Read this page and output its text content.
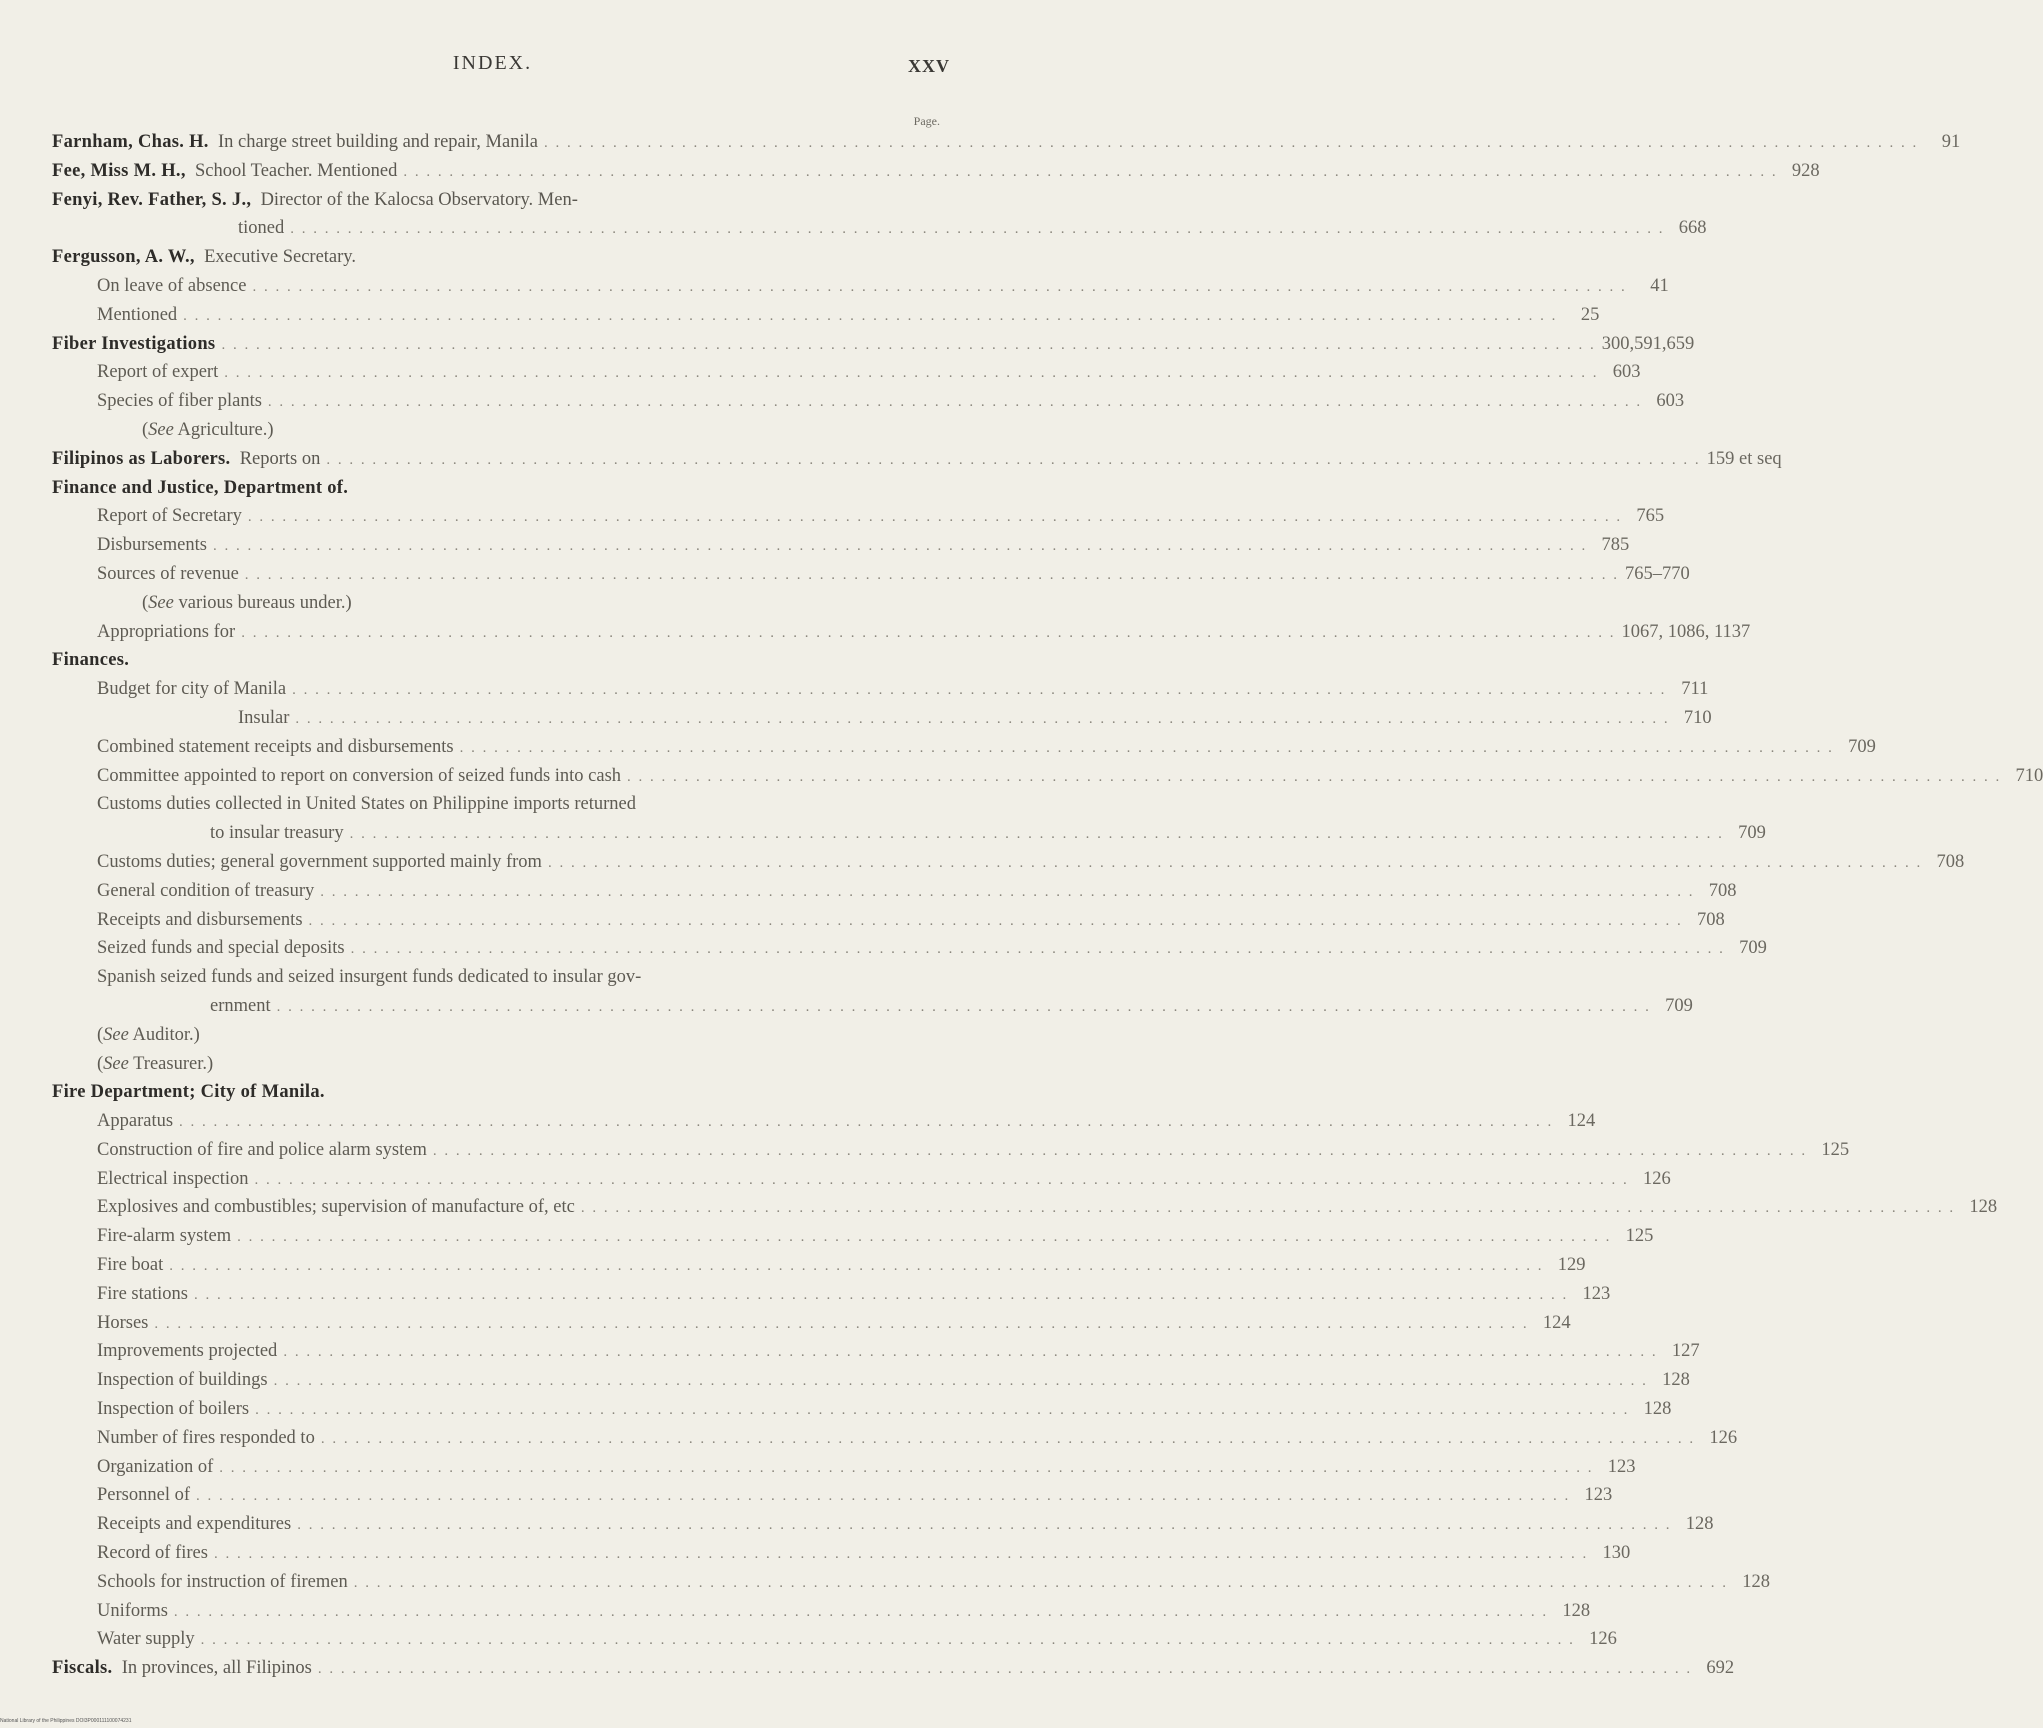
INDEX.	XXV
Page.
Farnham, Chas. H. In charge street building and repair, Manila . . . . . . . . . . . . . . . . . . . . . . . . . . . . . . . . . . . . . . . . . . . . . . . . . . . . . . . . . . . . . . . . . . . . . . . . . . . . . . . . . . . . . . . . . . . . . . . . . . . . . . . . . . . . . . . . . . . . . . . .	91
Fee, Miss M. H., School Teacher. Mentioned . . . . . . . . . . . . . . . . . . . . . . . . . . . . . . . . . . . . . . . . . . . . . . . . . . . . . . . . . . . . . . . . . . . . . . . . . . . . . . . . . . . . . . . . . . . . . . . . . . . . . . . . . . . . . . . . . . . . . . . . 928
Fenyi, Rev. Father, S. J., Director of the Kalocsa Observatory. Men-
tioned . . . . . . . . . . . . . . . . . . . . . . . . . . . . . . . . . . . . . . . . . . . . . . . . . . . . . . . . . . . . . . . . . . . . . . . . . . . . . . . . . . . . . . . . . . . . . . . . . . . . . . . . . . . . . . . . . . . . . . . . 668
Fergusson, A. W., Executive Secretary.
On leave of absence . . . . . . . . . . . . . . . . . . . . . . . . . . . . . . . . . . . . . . . . . . . . . . . . . . . . . . . . . . . . . . . . . . . . . . . . . . . . . . . . . . . . . . . . . . . . . . . . . . . . . . . . . . . . . . . . . . . . . . . .	41
Mentioned . . . . . . . . . . . . . . . . . . . . . . . . . . . . . . . . . . . . . . . . . . . . . . . . . . . . . . . . . . . . . . . . . . . . . . . . . . . . . . . . . . . . . . . . . . . . . . . . . . . . . . . . . . . . . . . . . . . . . . . .	25
Fiber Investigations . . . . . . . . . . . . . . . . . . . . . . . . . . . . . . . . . . . . . . . . . . . . . . . . . . . . . . . . . . . . . . . . . . . . . . . . . . . . . . . . . . . . . . . . . . . . . . . . . . . . . . . . . . . . . . . . . . . . . . . . 300,591,659
Report of expert . . . . . . . . . . . . . . . . . . . . . . . . . . . . . . . . . . . . . . . . . . . . . . . . . . . . . . . . . . . . . . . . . . . . . . . . . . . . . . . . . . . . . . . . . . . . . . . . . . . . . . . . . . . . . . . . . . . . . . . . 603
Species of fiber plants . . . . . . . . . . . . . . . . . . . . . . . . . . . . . . . . . . . . . . . . . . . . . . . . . . . . . . . . . . . . . . . . . . . . . . . . . . . . . . . . . . . . . . . . . . . . . . . . . . . . . . . . . . . . . . . . . . . . . . . . 603
(See Agriculture.)
Filipinos as Laborers. Reports on . . . . . . . . . . . . . . . . . . . . . . . . . . . . . . . . . . . . . . . . . . . . . . . . . . . . . . . . . . . . . . . . . . . . . . . . . . . . . . . . . . . . . . . . . . . . . . . . . . . . . . . . . . . . . . . . . . . . . . . . 159 et seq
Finance and Justice, Department of.
Report of Secretary . . . . . . . . . . . . . . . . . . . . . . . . . . . . . . . . . . . . . . . . . . . . . . . . . . . . . . . . . . . . . . . . . . . . . . . . . . . . . . . . . . . . . . . . . . . . . . . . . . . . . . . . . . . . . . . . . . . . . . . . 765
Disbursements . . . . . . . . . . . . . . . . . . . . . . . . . . . . . . . . . . . . . . . . . . . . . . . . . . . . . . . . . . . . . . . . . . . . . . . . . . . . . . . . . . . . . . . . . . . . . . . . . . . . . . . . . . . . . . . . . . . . . . . . 785
Sources of revenue . . . . . . . . . . . . . . . . . . . . . . . . . . . . . . . . . . . . . . . . . . . . . . . . . . . . . . . . . . . . . . . . . . . . . . . . . . . . . . . . . . . . . . . . . . . . . . . . . . . . . . . . . . . . . . . . . . . . . . . . 765–770
(See various bureaus under.)
Appropriations for . . . . . . . . . . . . . . . . . . . . . . . . . . . . . . . . . . . . . . . . . . . . . . . . . . . . . . . . . . . . . . . . . . . . . . . . . . . . . . . . . . . . . . . . . . . . . . . . . . . . . . . . . . . . . . . . . . . . . . . . 1067, 1086, 1137
Finances.
Budget for city of Manila . . . . . . . . . . . . . . . . . . . . . . . . . . . . . . . . . . . . . . . . . . . . . . . . . . . . . . . . . . . . . . . . . . . . . . . . . . . . . . . . . . . . . . . . . . . . . . . . . . . . . . . . . . . . . . . . . . . . . . . . 711
Insular . . . . . . . . . . . . . . . . . . . . . . . . . . . . . . . . . . . . . . . . . . . . . . . . . . . . . . . . . . . . . . . . . . . . . . . . . . . . . . . . . . . . . . . . . . . . . . . . . . . . . . . . . . . . . . . . . . . . . . . . 710
Combined statement receipts and disbursements . . . . . . . . . . . . . . . . . . . . . . . . . . . . . . . . . . . . . . . . . . . . . . . . . . . . . . . . . . . . . . . . . . . . . . . . . . . . . . . . . . . . . . . . . . . . . . . . . . . . . . . . . . . . . . . . . . . . . . . . 709
Committee appointed to report on conversion of seized funds into cash . . . . . . . . . . . . . . . . . . . . . . . . . . . . . . . . . . . . . . . . . . . . . . . . . . . . . . . . . . . . . . . . . . . . . . . . . . . . . . . . . . . . . . . . . . . . . . . . . . . . . . . . . . . . . . . . . . . . . . . . 710
Customs duties collected in United States on Philippine imports returned
to insular treasury . . . . . . . . . . . . . . . . . . . . . . . . . . . . . . . . . . . . . . . . . . . . . . . . . . . . . . . . . . . . . . . . . . . . . . . . . . . . . . . . . . . . . . . . . . . . . . . . . . . . . . . . . . . . . . . . . . . . . . . . 709
Customs duties; general government supported mainly from . . . . . . . . . . . . . . . . . . . . . . . . . . . . . . . . . . . . . . . . . . . . . . . . . . . . . . . . . . . . . . . . . . . . . . . . . . . . . . . . . . . . . . . . . . . . . . . . . . . . . . . . . . . . . . . . . . . . . . . . 708
General condition of treasury . . . . . . . . . . . . . . . . . . . . . . . . . . . . . . . . . . . . . . . . . . . . . . . . . . . . . . . . . . . . . . . . . . . . . . . . . . . . . . . . . . . . . . . . . . . . . . . . . . . . . . . . . . . . . . . . . . . . . . . . 708
Receipts and disbursements . . . . . . . . . . . . . . . . . . . . . . . . . . . . . . . . . . . . . . . . . . . . . . . . . . . . . . . . . . . . . . . . . . . . . . . . . . . . . . . . . . . . . . . . . . . . . . . . . . . . . . . . . . . . . . . . . . . . . . . . 708
Seized funds and special deposits . . . . . . . . . . . . . . . . . . . . . . . . . . . . . . . . . . . . . . . . . . . . . . . . . . . . . . . . . . . . . . . . . . . . . . . . . . . . . . . . . . . . . . . . . . . . . . . . . . . . . . . . . . . . . . . . . . . . . . . . 709
Spanish seized funds and seized insurgent funds dedicated to insular gov-
ernment . . . . . . . . . . . . . . . . . . . . . . . . . . . . . . . . . . . . . . . . . . . . . . . . . . . . . . . . . . . . . . . . . . . . . . . . . . . . . . . . . . . . . . . . . . . . . . . . . . . . . . . . . . . . . . . . . . . . . . . . 709
(See Auditor.)
(See Treasurer.)
Fire Department; City of Manila.
Apparatus . . . . . . . . . . . . . . . . . . . . . . . . . . . . . . . . . . . . . . . . . . . . . . . . . . . . . . . . . . . . . . . . . . . . . . . . . . . . . . . . . . . . . . . . . . . . . . . . . . . . . . . . . . . . . . . . . . . . . . . . 124
Construction of fire and police alarm system . . . . . . . . . . . . . . . . . . . . . . . . . . . . . . . . . . . . . . . . . . . . . . . . . . . . . . . . . . . . . . . . . . . . . . . . . . . . . . . . . . . . . . . . . . . . . . . . . . . . . . . . . . . . . . . . . . . . . . . . 125
Electrical inspection . . . . . . . . . . . . . . . . . . . . . . . . . . . . . . . . . . . . . . . . . . . . . . . . . . . . . . . . . . . . . . . . . . . . . . . . . . . . . . . . . . . . . . . . . . . . . . . . . . . . . . . . . . . . . . . . . . . . . . . . 126
Explosives and combustibles; supervision of manufacture of, etc . . . . . . . . . . . . . . . . . . . . . . . . . . . . . . . . . . . . . . . . . . . . . . . . . . . . . . . . . . . . . . . . . . . . . . . . . . . . . . . . . . . . . . . . . . . . . . . . . . . . . . . . . . . . . . . . . . . . . . . . 128
Fire-alarm system . . . . . . . . . . . . . . . . . . . . . . . . . . . . . . . . . . . . . . . . . . . . . . . . . . . . . . . . . . . . . . . . . . . . . . . . . . . . . . . . . . . . . . . . . . . . . . . . . . . . . . . . . . . . . . . . . . . . . . . . 125
Fire boat . . . . . . . . . . . . . . . . . . . . . . . . . . . . . . . . . . . . . . . . . . . . . . . . . . . . . . . . . . . . . . . . . . . . . . . . . . . . . . . . . . . . . . . . . . . . . . . . . . . . . . . . . . . . . . . . . . . . . . . . 129
Fire stations . . . . . . . . . . . . . . . . . . . . . . . . . . . . . . . . . . . . . . . . . . . . . . . . . . . . . . . . . . . . . . . . . . . . . . . . . . . . . . . . . . . . . . . . . . . . . . . . . . . . . . . . . . . . . . . . . . . . . . . . 123
Horses . . . . . . . . . . . . . . . . . . . . . . . . . . . . . . . . . . . . . . . . . . . . . . . . . . . . . . . . . . . . . . . . . . . . . . . . . . . . . . . . . . . . . . . . . . . . . . . . . . . . . . . . . . . . . . . . . . . . . . . . 124
Improvements projected . . . . . . . . . . . . . . . . . . . . . . . . . . . . . . . . . . . . . . . . . . . . . . . . . . . . . . . . . . . . . . . . . . . . . . . . . . . . . . . . . . . . . . . . . . . . . . . . . . . . . . . . . . . . . . . . . . . . . . . . 127
Inspection of buildings . . . . . . . . . . . . . . . . . . . . . . . . . . . . . . . . . . . . . . . . . . . . . . . . . . . . . . . . . . . . . . . . . . . . . . . . . . . . . . . . . . . . . . . . . . . . . . . . . . . . . . . . . . . . . . . . . . . . . . . . 128
Inspection of boilers . . . . . . . . . . . . . . . . . . . . . . . . . . . . . . . . . . . . . . . . . . . . . . . . . . . . . . . . . . . . . . . . . . . . . . . . . . . . . . . . . . . . . . . . . . . . . . . . . . . . . . . . . . . . . . . . . . . . . . . . 128
Number of fires responded to . . . . . . . . . . . . . . . . . . . . . . . . . . . . . . . . . . . . . . . . . . . . . . . . . . . . . . . . . . . . . . . . . . . . . . . . . . . . . . . . . . . . . . . . . . . . . . . . . . . . . . . . . . . . . . . . . . . . . . . . 126
Organization of . . . . . . . . . . . . . . . . . . . . . . . . . . . . . . . . . . . . . . . . . . . . . . . . . . . . . . . . . . . . . . . . . . . . . . . . . . . . . . . . . . . . . . . . . . . . . . . . . . . . . . . . . . . . . . . . . . . . . . . . 123
Personnel of . . . . . . . . . . . . . . . . . . . . . . . . . . . . . . . . . . . . . . . . . . . . . . . . . . . . . . . . . . . . . . . . . . . . . . . . . . . . . . . . . . . . . . . . . . . . . . . . . . . . . . . . . . . . . . . . . . . . . . . . 123
Receipts and expenditures . . . . . . . . . . . . . . . . . . . . . . . . . . . . . . . . . . . . . . . . . . . . . . . . . . . . . . . . . . . . . . . . . . . . . . . . . . . . . . . . . . . . . . . . . . . . . . . . . . . . . . . . . . . . . . . . . . . . . . . . 128
Record of fires . . . . . . . . . . . . . . . . . . . . . . . . . . . . . . . . . . . . . . . . . . . . . . . . . . . . . . . . . . . . . . . . . . . . . . . . . . . . . . . . . . . . . . . . . . . . . . . . . . . . . . . . . . . . . . . . . . . . . . . . 130
Schools for instruction of firemen . . . . . . . . . . . . . . . . . . . . . . . . . . . . . . . . . . . . . . . . . . . . . . . . . . . . . . . . . . . . . . . . . . . . . . . . . . . . . . . . . . . . . . . . . . . . . . . . . . . . . . . . . . . . . . . . . . . . . . . . 128
Uniforms . . . . . . . . . . . . . . . . . . . . . . . . . . . . . . . . . . . . . . . . . . . . . . . . . . . . . . . . . . . . . . . . . . . . . . . . . . . . . . . . . . . . . . . . . . . . . . . . . . . . . . . . . . . . . . . . . . . . . . . . 128
Water supply . . . . . . . . . . . . . . . . . . . . . . . . . . . . . . . . . . . . . . . . . . . . . . . . . . . . . . . . . . . . . . . . . . . . . . . . . . . . . . . . . . . . . . . . . . . . . . . . . . . . . . . . . . . . . . . . . . . . . . . . 126
Fiscals. In provinces, all Filipinos . . . . . . . . . . . . . . . . . . . . . . . . . . . . . . . . . . . . . . . . . . . . . . . . . . . . . . . . . . . . . . . . . . . . . . . . . . . . . . . . . . . . . . . . . . . . . . . . . . . . . . . . . . . . . . . . . . . . . . . . 692
National Library of the Philippines DOI3P000111100074231
